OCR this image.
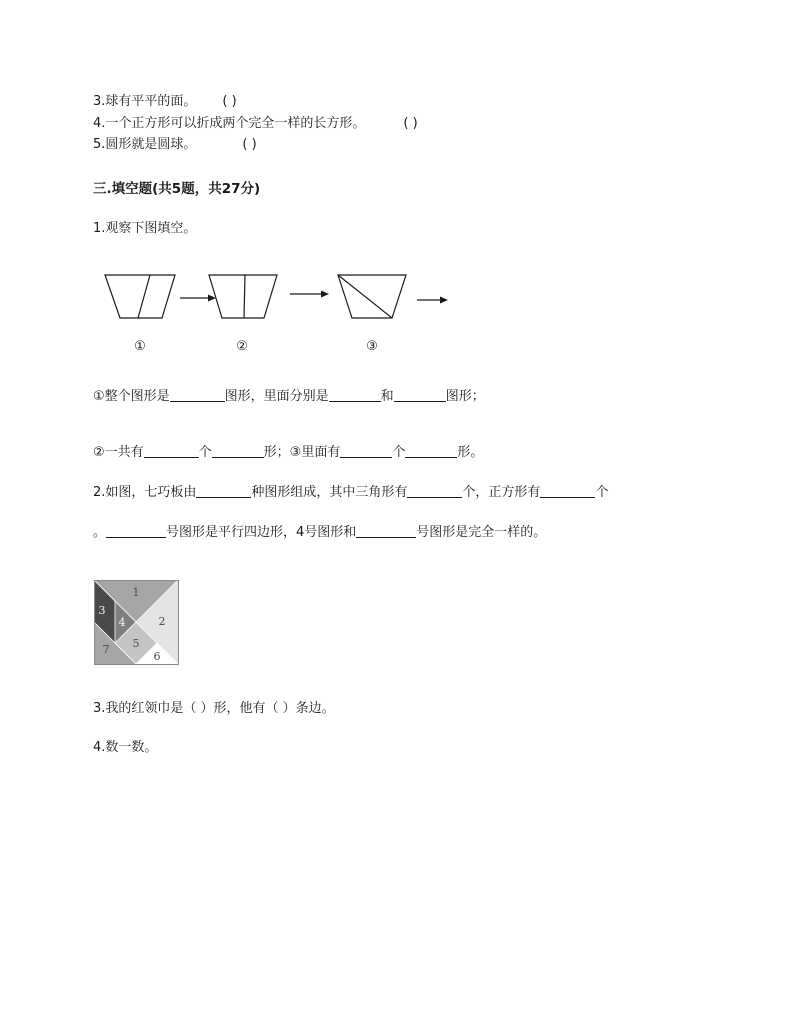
3.球有平平的面。 ( )
4.一个正方形可以折成两个完全一样的长方形。	( )
5.圆形就是圆球。	( )
三.填空题(共5题，共27分)
1.观察下图填空。
①	②	③
①整个图形是	图形，里面分别是	和	图形；
②一共有	个	形；③里面有	个	形。
2.如图，七巧板由	种图形组成，其中三角形有	个，正方形有	个
。	号图形是平行四边形，4号图形和	号图形是完全一样的。
1
2
3
4
5
6
7
3.我的红领巾是（ ）形，他有（ ）条边。
4.数一数。
